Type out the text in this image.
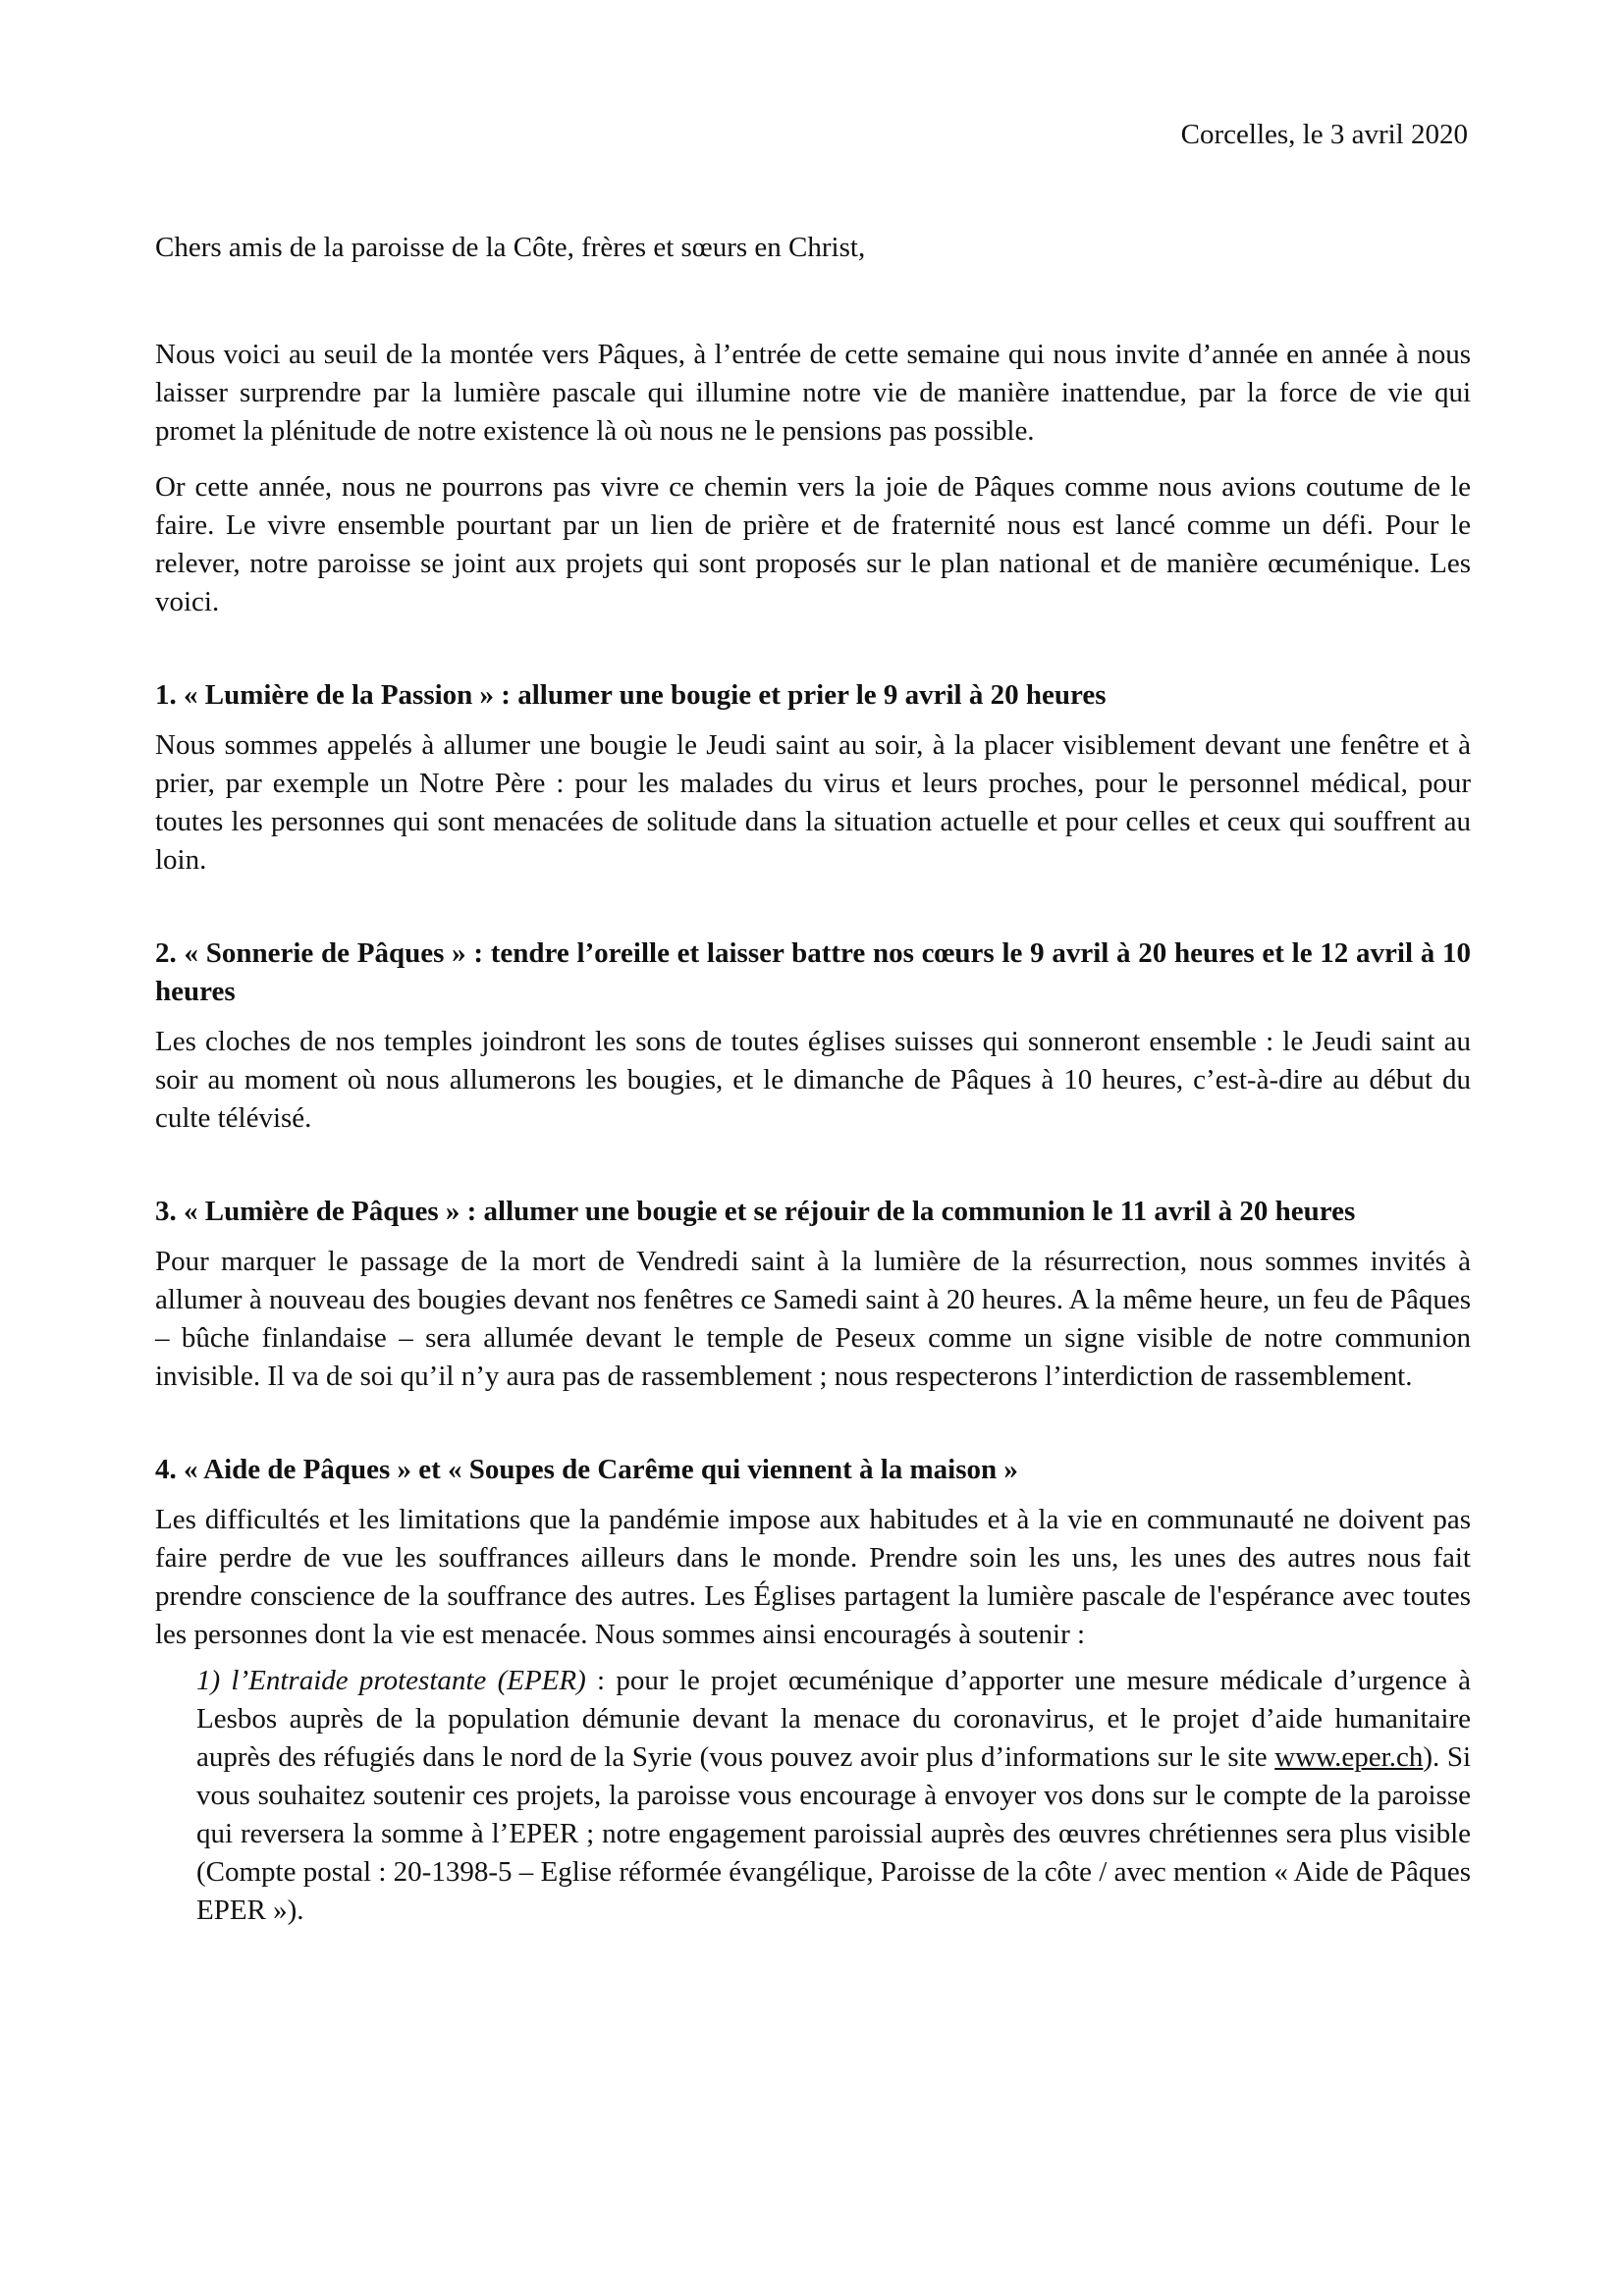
Corcelles, le 3 avril 2020
Chers amis de la paroisse de la Côte, frères et sœurs en Christ,

Nous voici au seuil de la montée vers Pâques, à l’entrée de cette semaine qui nous invite d’année en année à nous laisser surprendre par la lumière pascale qui illumine notre vie de manière inattendue, par la force de vie qui promet la plénitude de notre existence là où nous ne le pensions pas possible.

Or cette année, nous ne pourrons pas vivre ce chemin vers la joie de Pâques comme nous avions coutume de le faire. Le vivre ensemble pourtant par un lien de prière et de fraternité nous est lancé comme un défi. Pour le relever, notre paroisse se joint aux projets qui sont proposés sur le plan national et de manière œcuménique. Les voici.

1. « Lumière de la Passion » : allumer une bougie et prier le 9 avril à 20 heures

Nous sommes appelés à allumer une bougie le Jeudi saint au soir, à la placer visiblement devant une fenêtre et à prier, par exemple un Notre Père : pour les malades du virus et leurs proches, pour le personnel médical, pour toutes les personnes qui sont menacées de solitude dans la situation actuelle et pour celles et ceux qui souffrent au loin.

2. « Sonnerie de Pâques » : tendre l’oreille et laisser battre nos cœurs le 9 avril à 20 heures et le 12 avril à 10 heures

Les cloches de nos temples joindront les sons de toutes églises suisses qui sonneront ensemble : le Jeudi saint au soir au moment où nous allumerons les bougies, et le dimanche de Pâques à 10 heures, c’est-à-dire au début du culte télévisé.

3. « Lumière de Pâques » : allumer une bougie et se réjouir de la communion le 11 avril à 20 heures

Pour marquer le passage de la mort de Vendredi saint à la lumière de la résurrection, nous sommes invités à allumer à nouveau des bougies devant nos fenêtres ce Samedi saint à 20 heures. A la même heure, un feu de Pâques – bûche finlandaise – sera allumée devant le temple de Peseux comme un signe visible de notre communion invisible. Il va de soi qu’il n’y aura pas de rassemblement ; nous respecterons l’interdiction de rassemblement.

4. « Aide de Pâques » et « Soupes de Carême qui viennent à la maison »

Les difficultés et les limitations que la pandémie impose aux habitudes et à la vie en communauté ne doivent pas faire perdre de vue les souffrances ailleurs dans le monde. Prendre soin les uns, les unes des autres nous fait prendre conscience de la souffrance des autres. Les Églises partagent la lumière pascale de l'espérance avec toutes les personnes dont la vie est menacée. Nous sommes ainsi encouragés à soutenir :

1) l’Entraide protestante (EPER) : pour le projet œcuménique d’apporter une mesure médicale d’urgence à Lesbos auprès de la population démunie devant la menace du coronavirus, et le projet d’aide humanitaire auprès des réfugiés dans le nord de la Syrie (vous pouvez avoir plus d’informations sur le site www.eper.ch). Si vous souhaitez soutenir ces projets, la paroisse vous encourage à envoyer vos dons sur le compte de la paroisse qui reversera la somme à l’EPER ; notre engagement paroissial auprès des œuvres chrétiennes sera plus visible (Compte postal : 20-1398-5 – Eglise réformée évangélique, Paroisse de la côte / avec mention « Aide de Pâques EPER »).
